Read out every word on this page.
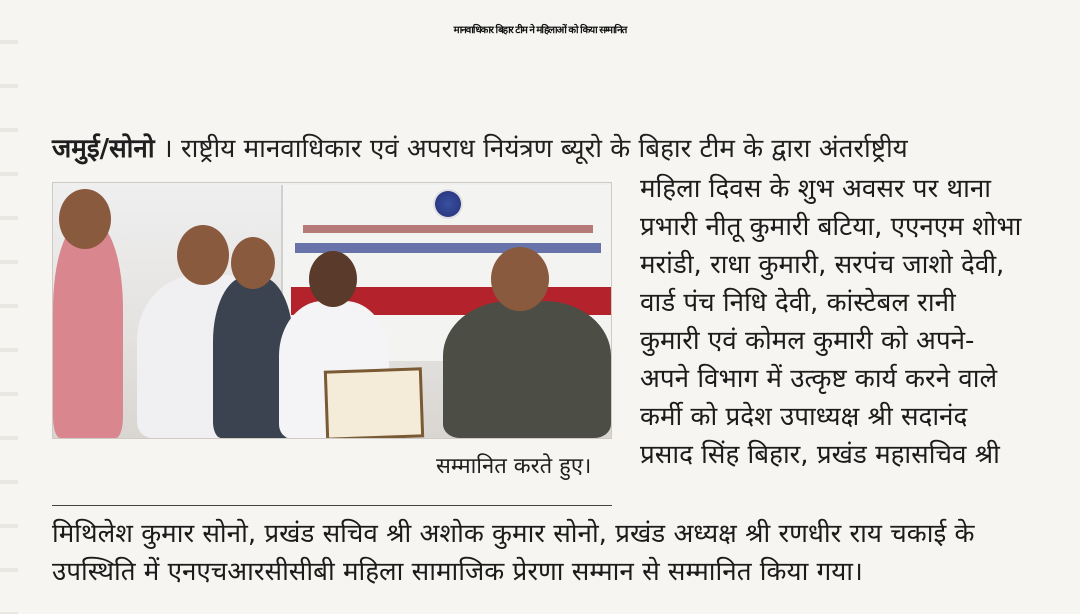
मानवाधिकार बिहार टीम ने महिलाओं को किया सम्मानित
जमुई/सोनो । राष्ट्रीय मानवाधिकार एवं अपराध नियंत्रण ब्यूरो के बिहार टीम के द्वारा अंतर्राष्ट्रीय
सम्मानित करते हुए।
महिला दिवस के शुभ अवसर पर थाना
प्रभारी नीतू कुमारी बटिया, एएनएम शोभा
मरांडी, राधा कुमारी, सरपंच जाशो देवी,
वार्ड पंच निधि देवी, कांस्टेबल रानी
कुमारी एवं कोमल कुमारी को अपने-
अपने विभाग में उत्कृष्ट कार्य करने वाले
कर्मी को प्रदेश उपाध्यक्ष श्री सदानंद
प्रसाद सिंह बिहार, प्रखंड महासचिव श्री
मिथिलेश कुमार सोनो, प्रखंड सचिव श्री अशोक कुमार सोनो, प्रखंड अध्यक्ष श्री रणधीर राय चकाई के
उपस्थिति में एनएचआरसीसीबी महिला सामाजिक प्रेरणा सम्मान से सम्मानित किया गया।
